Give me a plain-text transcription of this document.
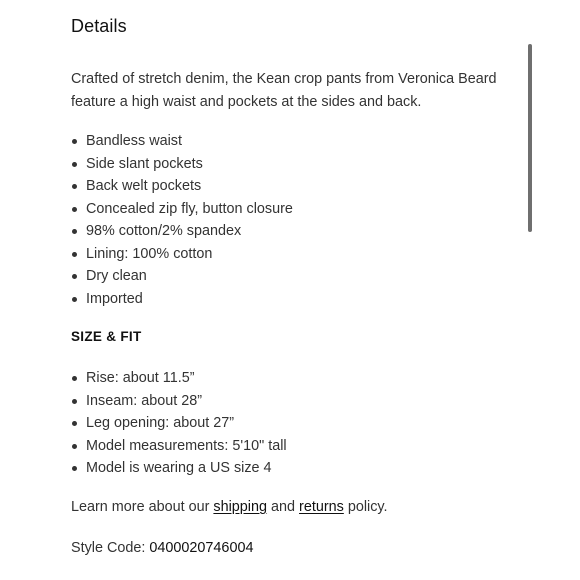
Details

Crafted of stretch denim, the Kean crop pants from Veronica Beard feature a high waist and pockets at the sides and back.

Bandless waist
Side slant pockets
Back welt pockets
Concealed zip fly, button closure
98% cotton/2% spandex
Lining: 100% cotton
Dry clean
Imported
SIZE & FIT
Rise: about 11.5”
Inseam: about 28”
Leg opening: about 27”
Model measurements: 5'10" tall
Model is wearing a US size 4

Learn more about our shipping and returns policy.

Style Code: 0400020746004
